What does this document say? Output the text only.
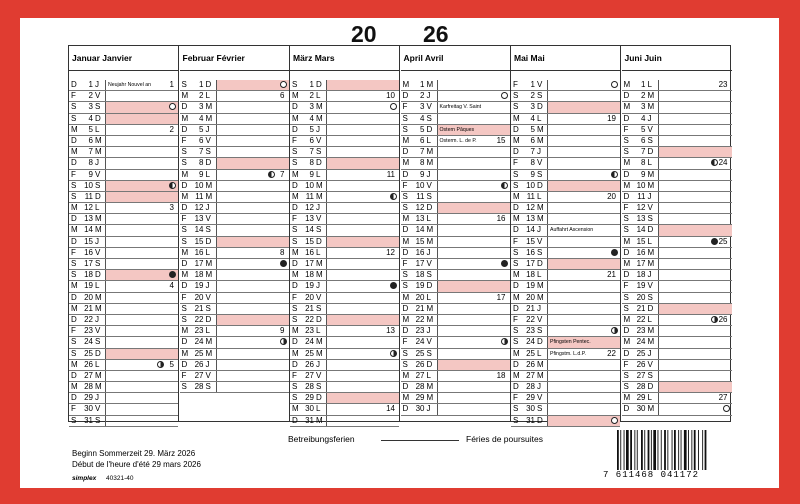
20 26
Januar Janvier
D	1 J	Neujahr Nouvel an 1
F	2 V
S	3 S
S	4 D
M	5 L	2
D	6 M
M	7 M
D	8 J
F	9 V
S 10 S
S	11 D
M 12 L	3
D 13 M
M 14 M
D 15 J
F	16 V
S 17 S
S 18 D
M 19 L	4
D 20 M
M 21 M
D 22 J
F	23 V
S 24 S
S 25 D
M 26 L	5
D 27 M
M 28 M
D 29 J
F	30 V
S 31 S
Februar Février
S	1 D
M	2 L	6
D	3 M
M	4 M
D	5 J
F	6 V
S	7 S
S	8 D
M	9 L	7
D 10 M
M 11 M
D 12 J
F	13 V
S 14 S
S 15 D
M 16 L	8
D 17 M
M 18 M
D 19 J
F	20 V
S 21 S
S 22 D
M 23 L	9
D 24 M
M 25 M
D 26 J
F	27 V
S 28 S
März Mars
S	1 D
M	2 L	10
D	3 M
M	4 M
D	5 J
F	6 V
S	7 S
S	8 D
M	9 L	11
D 10 M
M 11 M
D 12 J
F	13 V
S 14 S
S 15 D
M 16 L	12
D 17 M
M 18 M
D 19 J
F	20 V
S 21 S
S 22 D
M 23 L	13
D 24 M
M 25 M
D 26 J
F	27 V
S 28 S
S 29 D
M 30 L	14
D 31 M
April Avril
M	1 M
D	2 J
F	3 V	Karfreitag V. Saint
S	4 S
S	5 D	Ostern Pâques
M	6 L	Osterm. L. de P. 15
D	7 M
M	8 M
D	9 J
F	10 V
S	11 S
S 12 D
M 13 L	16
D 14 M
M 15 M
D 16 J
F	17 V
S 18 S
S 19 D
M 20 L	17
D 21 M
M 22 M
D 23 J
F	24 V
S 25 S
S 26 D
M 27 L	18
D 28 M
M 29 M
D 30 J
Mai Mai
F	1 V
S	2 S
S	3 D
M	4 L	19
D	5 M
M	6 M
D	7 J
F	8 V
S	9 S
S 10 D
M 11 L	20
D 12 M
M 13 M
D 14 J	Auffahrt Ascension
F	15 V
S 16 S
S 17 D
M 18 L	21
D 19 M
M 20 M
D 21 J
F	22 V
S 23 S
S 24 D	Pfingsten Pentec.
M 25 L	Pfingstm. L.d.P.	22
D 26 M
M 27 M
D 28 J
F	29 V
S 30 S
S 31 D
Juni Juin
M	1 L	23
D	2 M
M	3 M
D	4 J
F	5 V
S	6 S
S	7 D
M	8 L	24
D	9 M
M 10 M
D 11 J
F	12 V
S 13 S
S 14 D
M 15 L	25
D 16 M
M 17 M
D 18 J
F	19 V
S 20 S
S 21 D
M 22 L	26
D 23 M
M 24 M
D 25 J
F	26 V
S 27 S
S 28 D
M 29 L	27
D 30 M
Betreibungsferien	Féries de poursuites
Beginn Sommerzeit 29. März 2026
Début de l'heure d'été 29 mars 2026
simplex 40321-40	7 611468 041172
